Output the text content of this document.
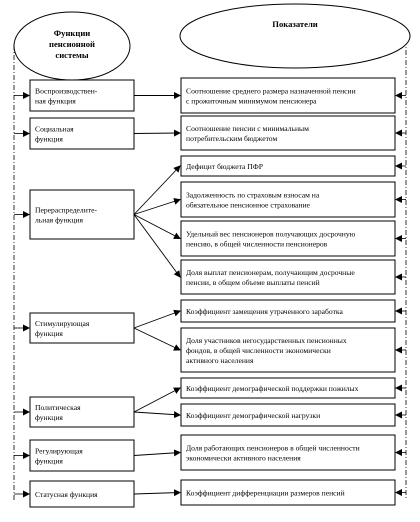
Функции
пенсионной
системы
Показатели
Воспроизводствен-
ная функция
Социальная
функция
Перераспределите-
льная функция
Стимулирующая
функция
Политическая
функция
Регулирующая
функция
Статусная функция
Соотношение среднего размера назначенной пенсии
с прожиточным минимумом пенсионера
Соотношение пенсии с минимальным
потребительским бюджетом
Дефицит бюджета ПФР
Задолженность по страховым взносам на
обязательное пенсионное страхование
Удельный вес пенсионеров получающих досрочную
пенсию, в общей численности пенсионеров
Доля выплат пенсионерам, получающим досрочные
пенсии, в общем объеме выплаты пенсий
Коэффициент замещения утраченного заработка
Доля участников негосударственных пенсионных
фондов, в общей численности экономически
активного населения
Коэффициент демографической поддержки пожилых
Коэффициент демографической нагрузки
Доля работающих пенсионеров в общей численности
экономически активного населения
Коэффициент дифференциации размеров пенсий
